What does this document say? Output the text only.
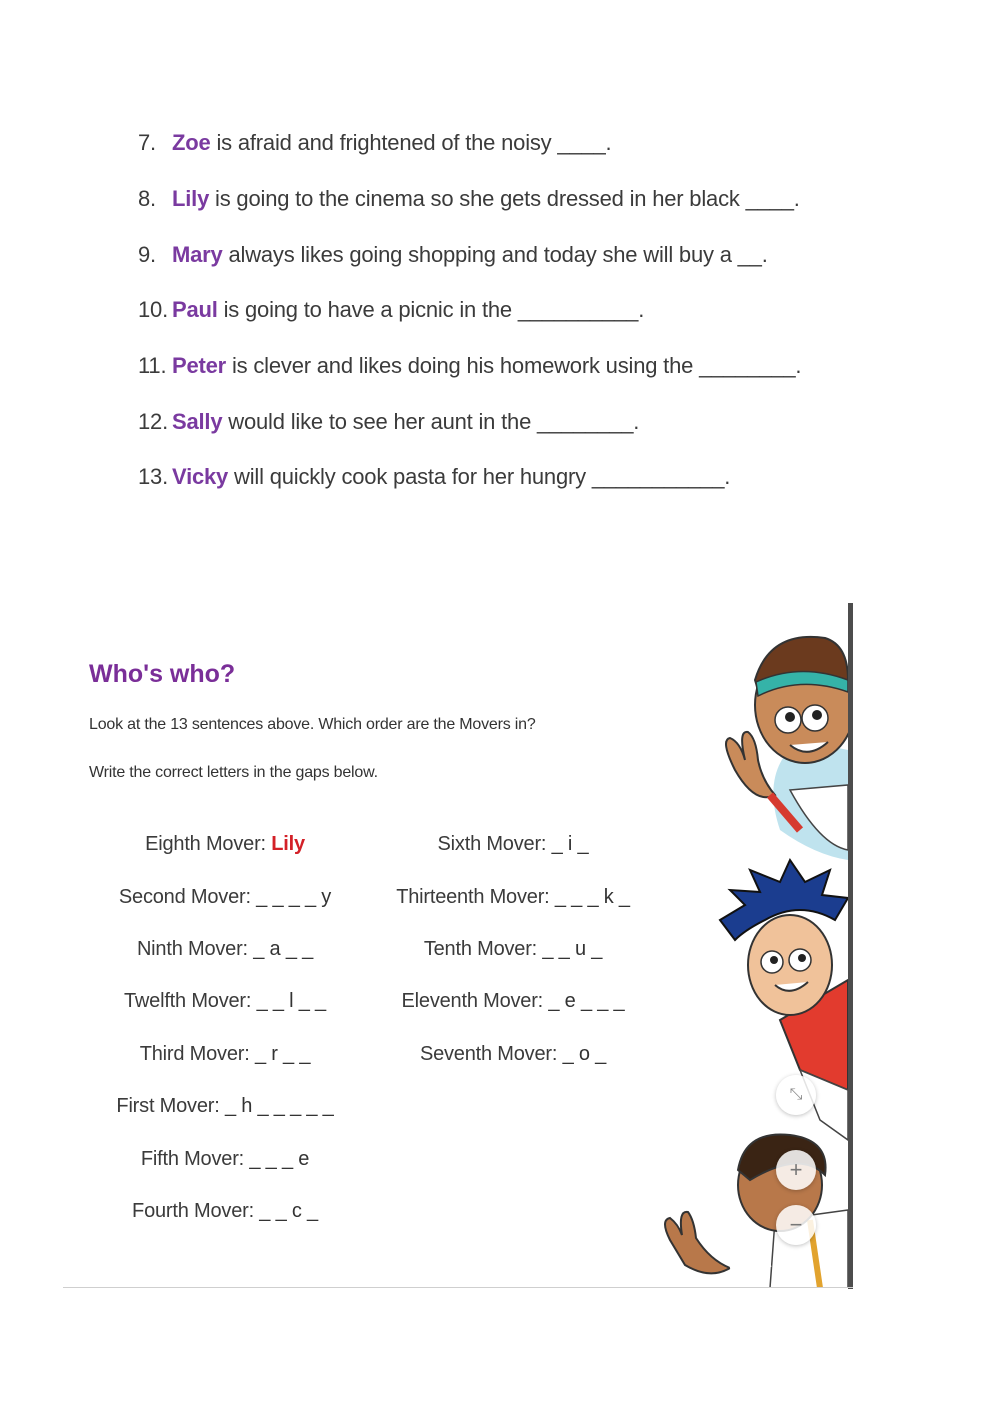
7. Zoe is afraid and frightened of the noisy ____.
8. Lily is going to the cinema so she gets dressed in her black ____.
9. Mary always likes going shopping and today she will buy a __.
10. Paul is going to have a picnic in the __________.
11. Peter is clever and likes doing his homework using the ________.
12. Sally would like to see her aunt in the ________.
13. Vicky will quickly cook pasta for her hungry ___________.
Who's who?
Look at the 13 sentences above. Which order are the Movers in?
Write the correct letters in the gaps below.
Eighth Mover: Lily
Second Mover: _ _ _ _ y
Ninth Mover: _ a _ _
Twelfth Mover: _ _ l _ _
Third Mover: _ r _ _
First Mover: _ h _ _ _ _ _
Fifth Mover: _ _ _ e
Fourth Mover: _ _ c _
Sixth Mover: _ i _
Thirteenth Mover: _ _ _ k _
Tenth Mover: _ _ u _
Eleventh Mover: _ e _ _ _
Seventh Mover: _ o _
⤡
+
−
